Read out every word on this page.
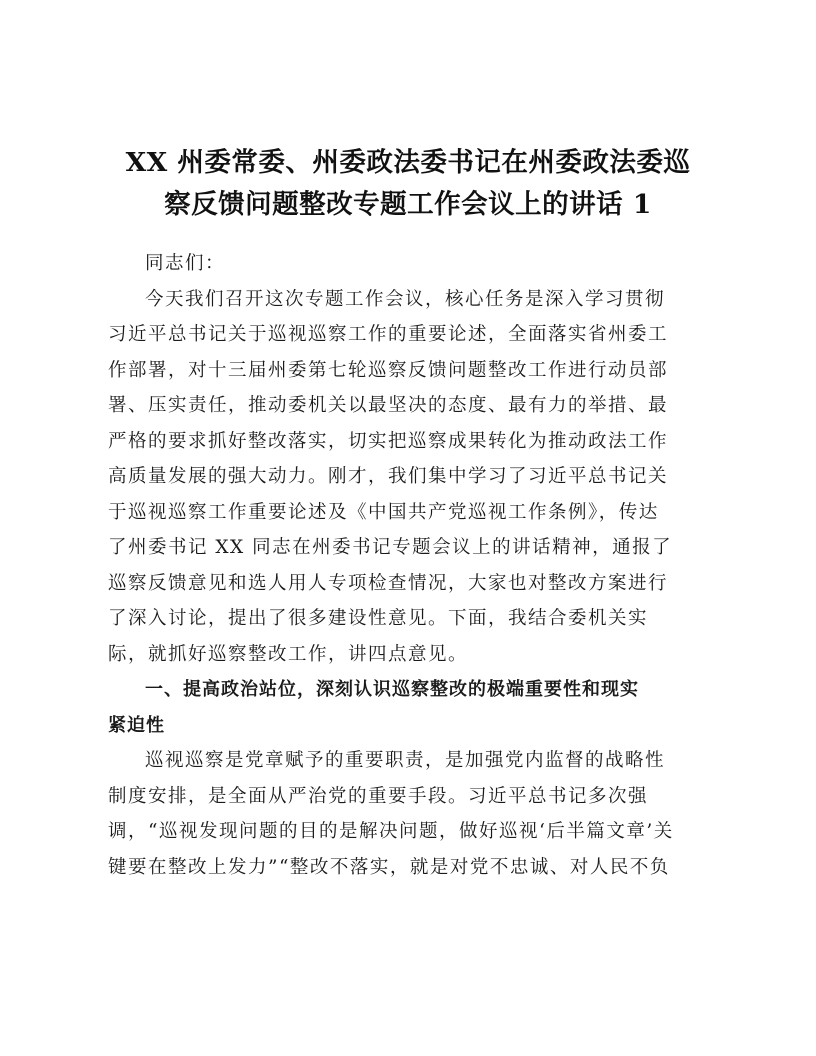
XX 州委常委、州委政法委书记在州委政法委巡
察反馈问题整改专题工作会议上的讲话 1
同志们：
今天我们召开这次专题工作会议，核心任务是深入学习贯彻
习近平总书记关于巡视巡察工作的重要论述，全面落实省州委工
作部署，对十三届州委第七轮巡察反馈问题整改工作进行动员部
署、压实责任，推动委机关以最坚决的态度、最有力的举措、最
严格的要求抓好整改落实，切实把巡察成果转化为推动政法工作
高质量发展的强大动力。刚才，我们集中学习了习近平总书记关
于巡视巡察工作重要论述及《中国共产党巡视工作条例》，传达
了州委书记 XX 同志在州委书记专题会议上的讲话精神，通报了
巡察反馈意见和选人用人专项检查情况，大家也对整改方案进行
了深入讨论，提出了很多建设性意见。下面，我结合委机关实
际，就抓好巡察整改工作，讲四点意见。
一、提高政治站位，深刻认识巡察整改的极端重要性和现实
紧迫性
巡视巡察是党章赋予的重要职责，是加强党内监督的战略性
制度安排，是全面从严治党的重要手段。习近平总书记多次强
调，“巡视发现问题的目的是解决问题，做好巡视‘后半篇文章’关
键要在整改上发力”“整改不落实，就是对党不忠诚、对人民不负
